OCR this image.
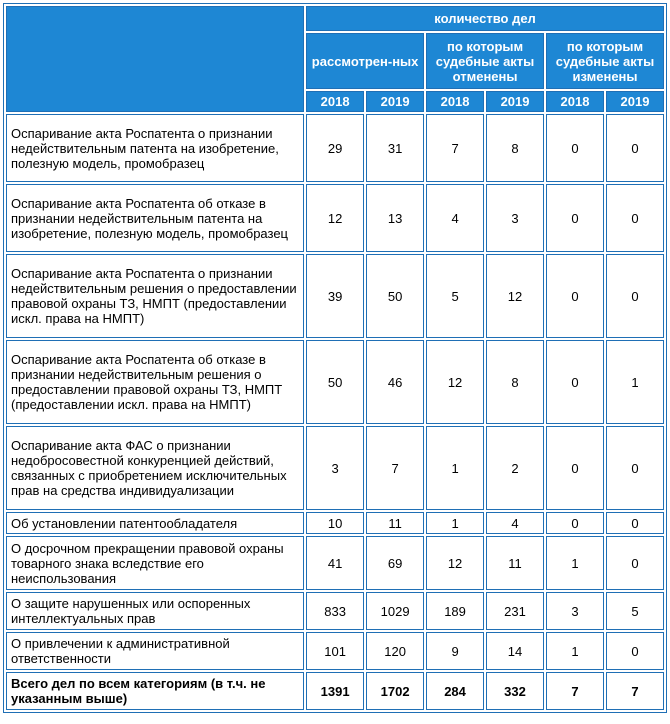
	количество дел					
	рассмотрен-ных		по которым судебные акты отменены		по которым судебные акты изменены	
	2018	2019	2018	2019	2018	2019
Оспаривание акта Роспатента о признании недействительным патента на изобретение, полезную модель, промобразец	29	31	7	8	0	0
Оспаривание акта Роспатента об отказе в признании недействительным патента на изобретение, полезную модель, промобразец	12	13	4	3	0	0
Оспаривание акта Роспатента о признании недействительным решения о предоставлении правовой охраны ТЗ, НМПТ (предоставлении искл. права на НМПТ)	39	50	5	12	0	0
Оспаривание акта Роспатента об отказе в признании недействительным решения о предоставлении правовой охраны ТЗ, НМПТ (предоставлении искл. права на НМПТ)	50	46	12	8	0	1
Оспаривание акта ФАС о признании недобросовестной конкуренцией действий, связанных с приобретением исключительных прав на средства индивидуализации	3	7	1	2	0	0
Об установлении патентообладателя	10	11	1	4	0	0
О досрочном прекращении правовой охраны товарного знака вследствие его неиспользования	41	69	12	11	1	0
О защите нарушенных или оспоренных интеллектуальных прав	833	1029	189	231	3	5
О привлечении к административной ответственности	101	120	9	14	1	0
Всего дел по всем категориям (в т.ч. не указанным выше)	1391	1702	284	332	7	7
